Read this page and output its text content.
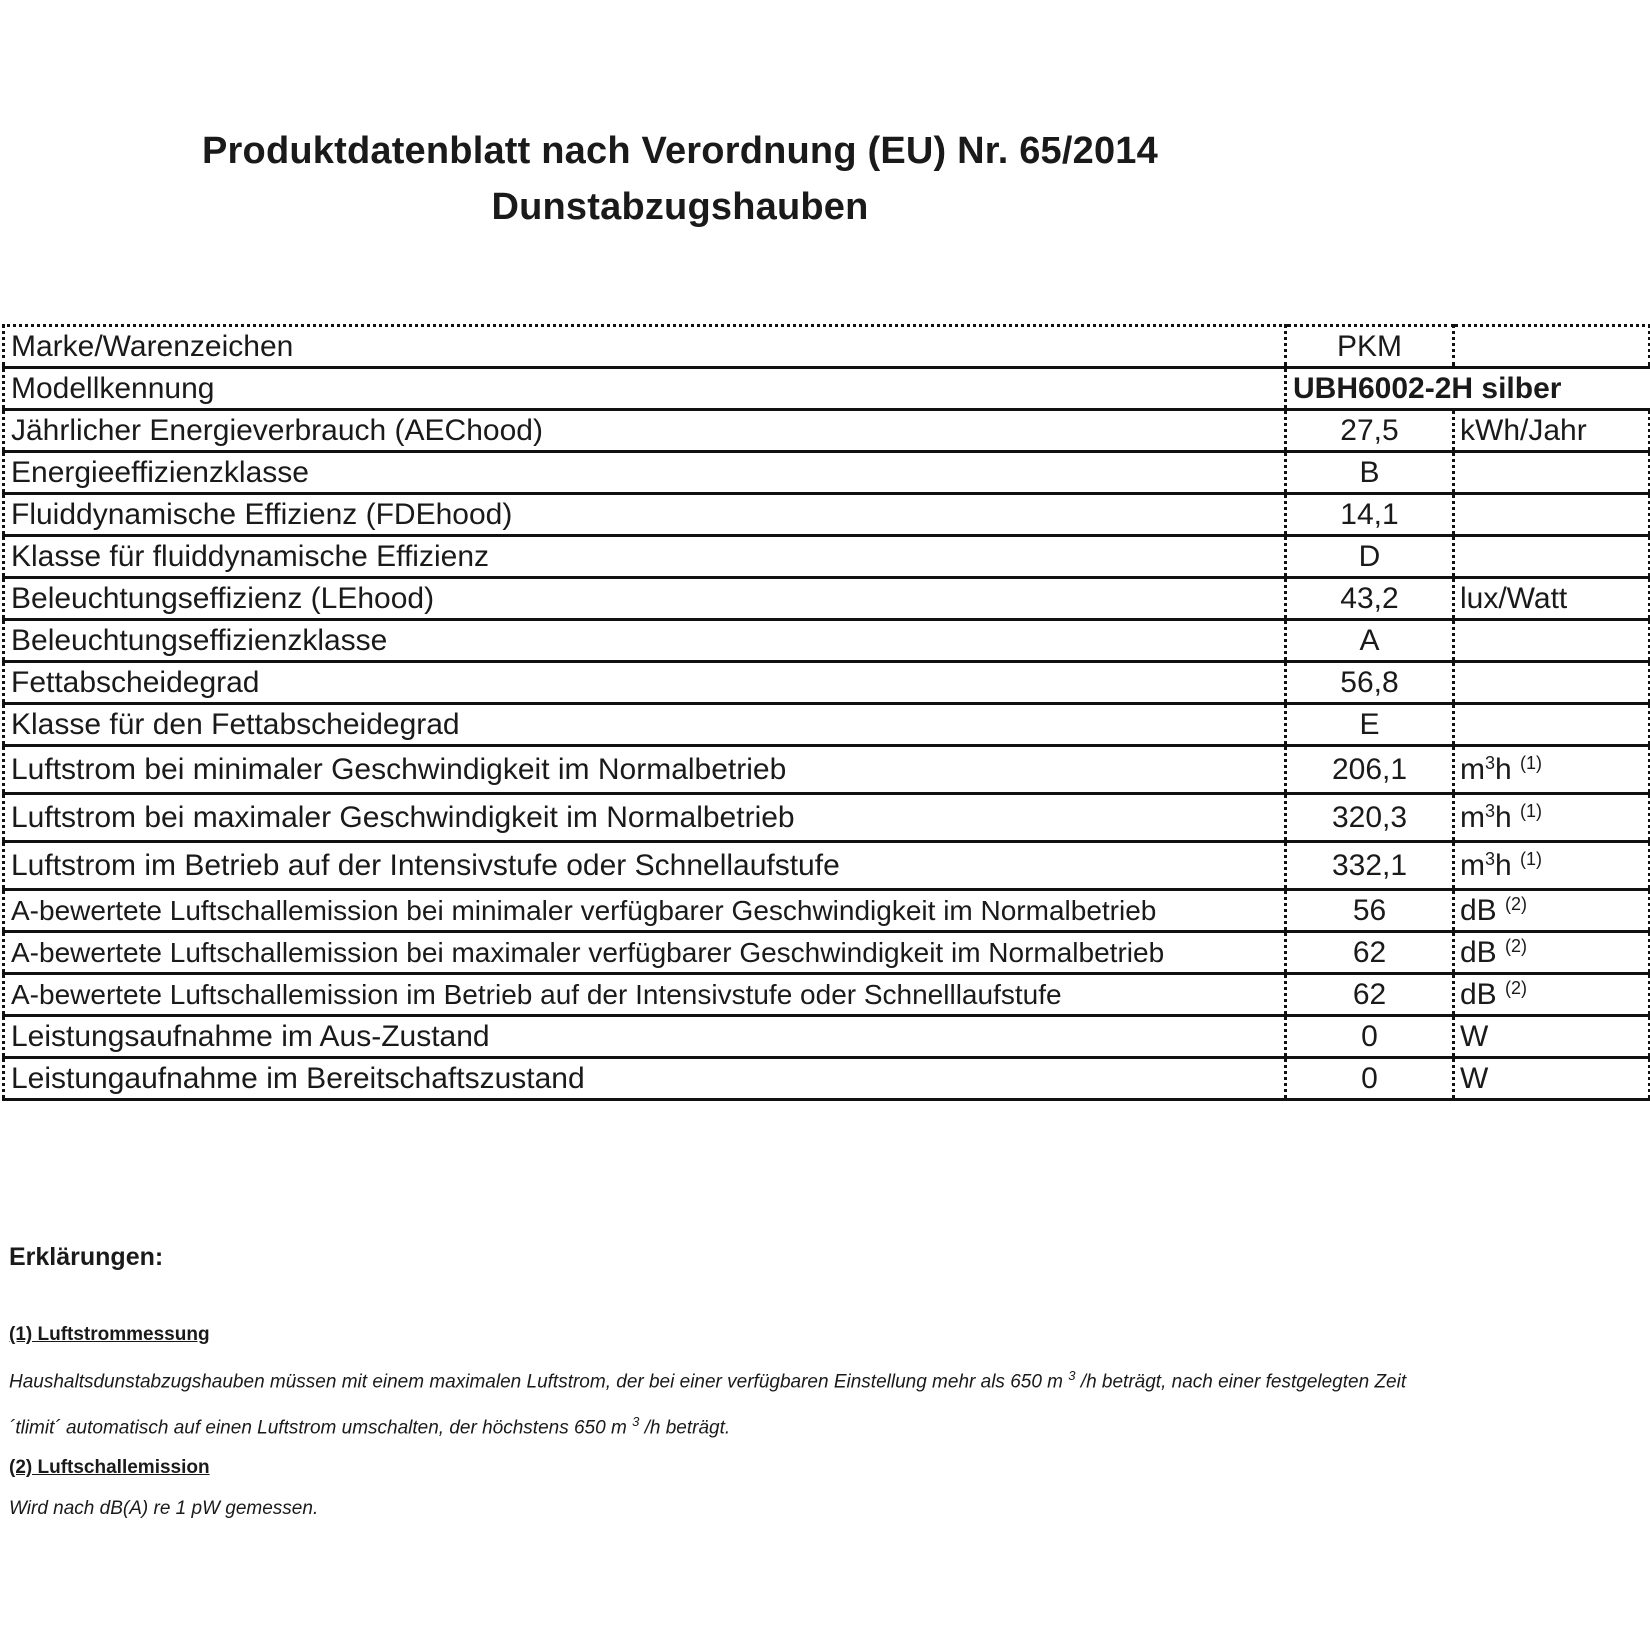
Produktdatenblatt nach Verordnung (EU) Nr. 65/2014
Dunstabzugshauben
Marke/Warenzeichen	PKM	
Modellkennung	UBH6002-2H silber	
Jährlicher Energieverbrauch (AEChood)	27,5	kWh/Jahr
Energieeffizienzklasse	B	
Fluiddynamische Effizienz (FDEhood)	14,1	
Klasse für fluiddynamische Effizienz	D	
Beleuchtungseffizienz (LEhood)	43,2	lux/Watt
Beleuchtungseffizienzklasse	A	
Fettabscheidegrad	56,8	
Klasse für den Fettabscheidegrad	E	
Luftstrom bei minimaler Geschwindigkeit im Normalbetrieb	206,1	$m^3h$ $^{(1)}$
Luftstrom bei maximaler Geschwindigkeit im Normalbetrieb	320,3	$m^3h$ $^{(1)}$
Luftstrom im Betrieb auf der Intensivstufe oder Schnellaufstufe	332,1	$m^3h$ $^{(1)}$
A-bewertete Luftschallemission bei minimaler verfügbarer Geschwindigkeit im Normalbetrieb	56	dB $^{(2)}$
A-bewertete Luftschallemission bei maximaler verfügbarer Geschwindigkeit im Normalbetrieb	62	dB $^{(2)}$
A-bewertete Luftschallemission im Betrieb auf der Intensivstufe oder Schnelllaufstufe	62	dB $^{(2)}$
Leistungsaufnahme im Aus-Zustand	0	W
Leistungaufnahme im Bereitschaftszustand	0	W
Erklärungen:
(1) Luftstrommessung
Haushaltsdunstabzugshauben müssen mit einem maximalen Luftstrom, der bei einer verfügbaren Einstellung mehr als 650 m $^3$ /h beträgt, nach einer festgelegten Zeit
´tlimit´ automatisch auf einen Luftstrom umschalten, der höchstens 650 m $^3$ /h beträgt.
(2) Luftschallemission
Wird nach dB(A) re 1 pW gemessen.
